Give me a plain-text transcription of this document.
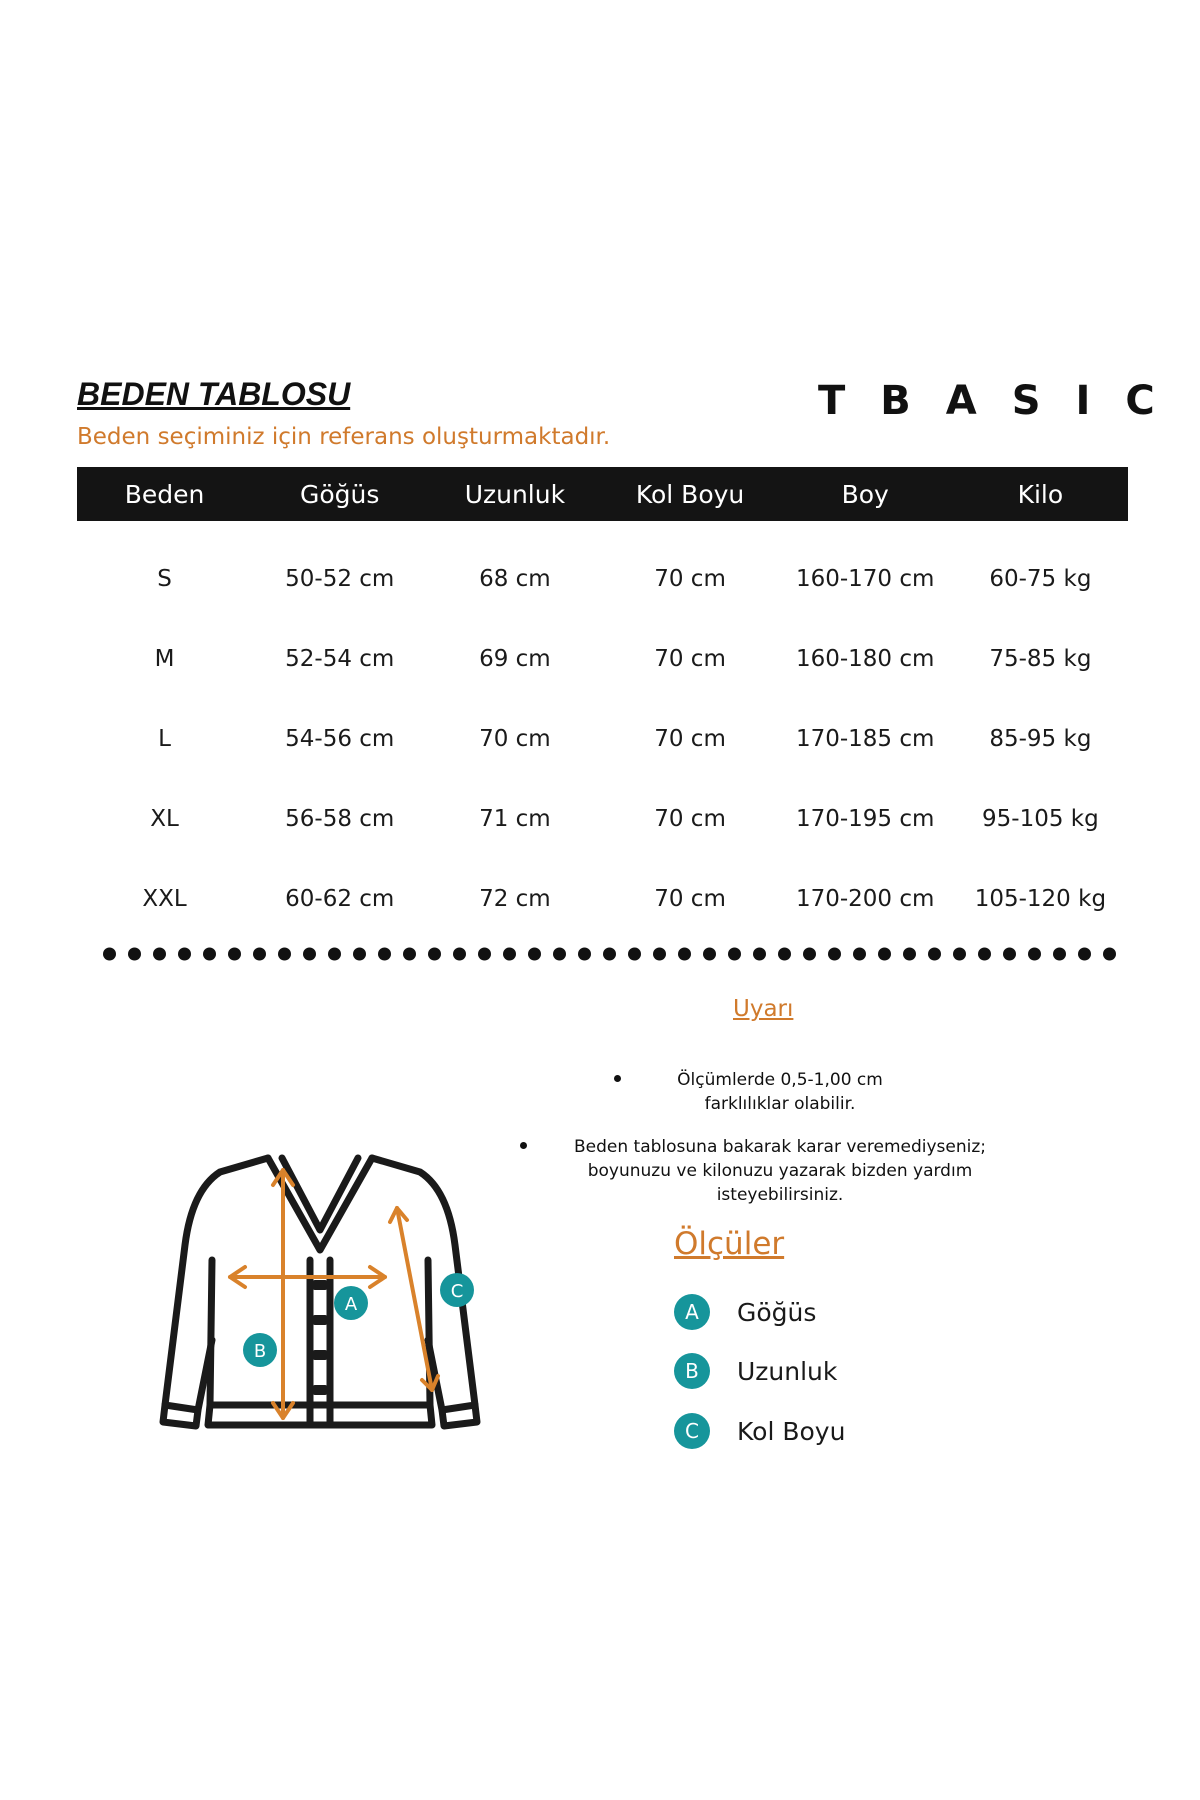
BEDEN TABLOSU
Beden seçiminiz için referans oluşturmaktadır.
TBASIC
Beden	Göğüs	Uzunluk	Kol Boyu	Boy	Kilo
S	50-52 cm	68 cm	70 cm	160-170 cm	60-75 kg
M	52-54 cm	69 cm	70 cm	160-180 cm	75-85 kg
L	54-56 cm	70 cm	70 cm	170-185 cm	85-95 kg
XL	56-58 cm	71 cm	70 cm	170-195 cm	95-105 kg
XXL	60-62 cm	72 cm	70 cm	170-200 cm	105-120 kg
Uyarı
Ölçümlerde 0,5-1,00 cm farklılıklar olabilir.
Beden tablosuna bakarak karar veremediyseniz; boyunuzu ve kilonuzu yazarak bizden yardım isteyebilirsiniz.
A
B
C
Ölçüler
A	Göğüs
B	Uzunluk
C	Kol Boyu
